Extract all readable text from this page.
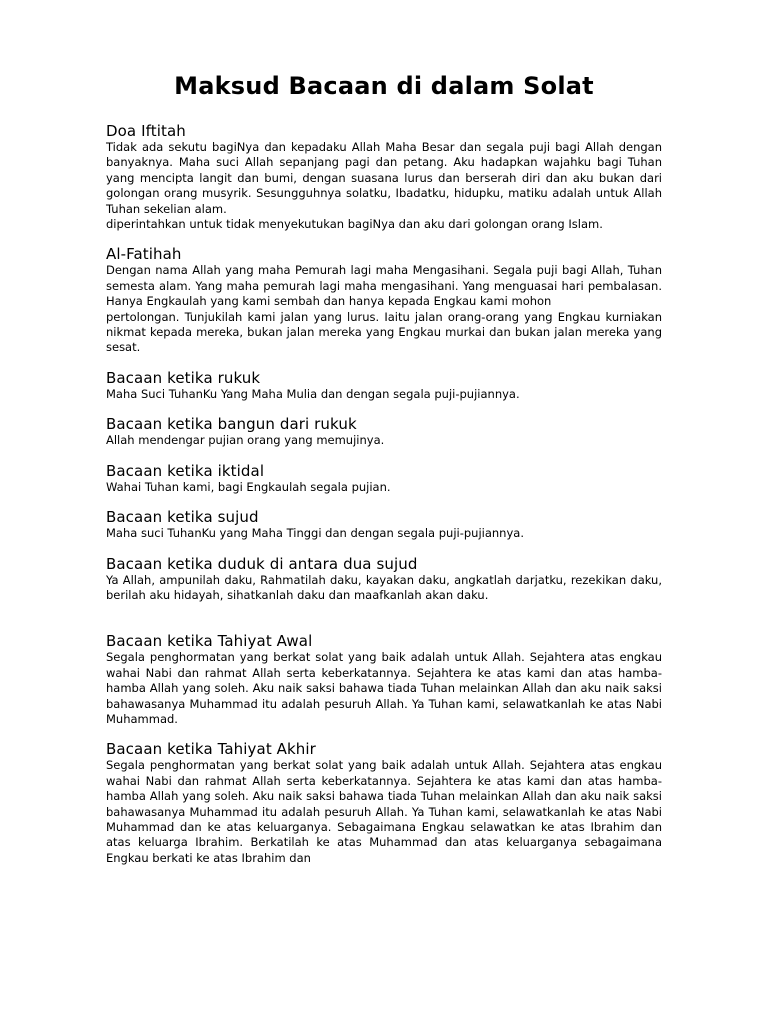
Maksud Bacaan di dalam Solat
Doa Iftitah

Tidak ada sekutu bagiNya dan kepadaku Allah Maha Besar dan segala puji bagi Allah dengan banyaknya. Maha suci Allah sepanjang pagi dan petang. Aku hadapkan wajahku bagi Tuhan yang mencipta langit dan bumi, dengan suasana lurus dan berserah diri dan aku bukan dari golongan orang musyrik. Sesungguhnya solatku, Ibadatku, hidupku, matiku adalah untuk Allah Tuhan sekelian alam.

diperintahkan untuk tidak menyekutukan bagiNya dan aku dari golongan orang Islam.

Al-Fatihah

Dengan nama Allah yang maha Pemurah lagi maha Mengasihani. Segala puji bagi Allah, Tuhan semesta alam. Yang maha pemurah lagi maha mengasihani. Yang menguasai hari pembalasan. Hanya Engkaulah yang kami sembah dan hanya kepada Engkau kami mohon

pertolongan. Tunjukilah kami jalan yang lurus. Iaitu jalan orang-orang yang Engkau kurniakan nikmat kepada mereka, bukan jalan mereka yang Engkau murkai dan bukan jalan mereka yang sesat.

Bacaan ketika rukuk

Maha Suci TuhanKu Yang Maha Mulia dan dengan segala puji-pujiannya.

Bacaan ketika bangun dari rukuk

Allah mendengar pujian orang yang memujinya.

Bacaan ketika iktidal

Wahai Tuhan kami, bagi Engkaulah segala pujian.

Bacaan ketika sujud

Maha suci TuhanKu yang Maha Tinggi dan dengan segala puji-pujiannya.

Bacaan ketika duduk di antara dua sujud

Ya Allah, ampunilah daku, Rahmatilah daku, kayakan daku, angkatlah darjatku, rezekikan daku, berilah aku hidayah, sihatkanlah daku dan maafkanlah akan daku.

Bacaan ketika Tahiyat Awal

Segala penghormatan yang berkat solat yang baik adalah untuk Allah. Sejahtera atas engkau wahai Nabi dan rahmat Allah serta keberkatannya. Sejahtera ke atas kami dan atas hamba-hamba Allah yang soleh. Aku naik saksi bahawa tiada Tuhan melainkan Allah dan aku naik saksi bahawasanya Muhammad itu adalah pesuruh Allah. Ya Tuhan kami, selawatkanlah ke atas Nabi Muhammad.

Bacaan ketika Tahiyat Akhir

Segala penghormatan yang berkat solat yang baik adalah untuk Allah. Sejahtera atas engkau wahai Nabi dan rahmat Allah serta keberkatannya. Sejahtera ke atas kami dan atas hamba-hamba Allah yang soleh. Aku naik saksi bahawa tiada Tuhan melainkan Allah dan aku naik saksi bahawasanya Muhammad itu adalah pesuruh Allah. Ya Tuhan kami, selawatkanlah ke atas Nabi Muhammad dan ke atas keluarganya. Sebagaimana Engkau selawatkan ke atas Ibrahim dan atas keluarga Ibrahim. Berkatilah ke atas Muhammad dan atas keluarganya sebagaimana Engkau berkati ke atas Ibrahim dan
